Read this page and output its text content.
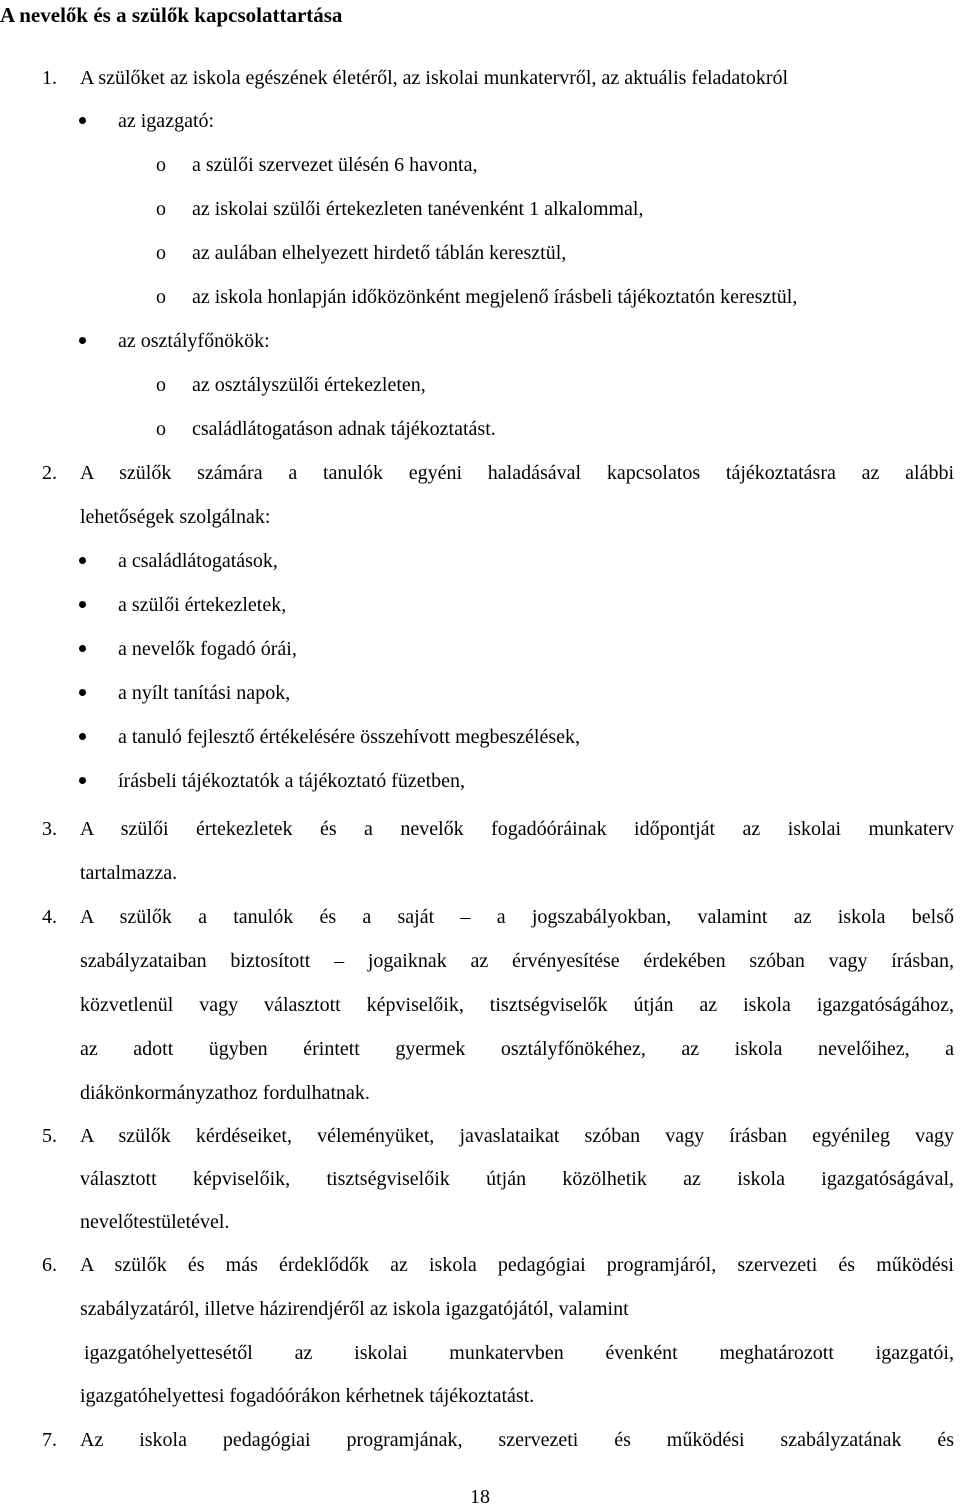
A nevelők és a szülők kapcsolattartása
1. A szülőket az iskola egészének életéről, az iskolai munkatervről, az aktuális feladatokról
az igazgató:
o a szülői szervezet ülésén 6 havonta,
o az iskolai szülői értekezleten tanévenként 1 alkalommal,
o az aulában elhelyezett hirdető táblán keresztül,
o az iskola honlapján időközönként megjelenő írásbeli tájékoztatón keresztül,
az osztályfőnökök:
o az osztályszülői értekezleten,
o családlátogatáson adnak tájékoztatást.
2. A szülők számára a tanulók egyéni haladásával kapcsolatos tájékoztatásra az alábbi
lehetőségek szolgálnak:
a családlátogatások,
a szülői értekezletek,
a nevelők fogadó órái,
a nyílt tanítási napok,
a tanuló fejlesztő értékelésére összehívott megbeszélések,
írásbeli tájékoztatók a tájékoztató füzetben,
3. A szülői értekezletek és a nevelők fogadóóráinak időpontját az iskolai munkaterv
tartalmazza.
4. A szülők a tanulók és a saját – a jogszabályokban, valamint az iskola belső
szabályzataiban biztosított – jogaiknak az érvényesítése érdekében szóban vagy írásban,
közvetlenül vagy választott képviselőik, tisztségviselők útján az iskola igazgatóságához,
az adott ügyben érintett gyermek osztályfőnökéhez, az iskola nevelőihez, a
diákönkormányzathoz fordulhatnak.
5. A szülők kérdéseiket, véleményüket, javaslataikat szóban vagy írásban egyénileg vagy
választott képviselőik, tisztségviselőik útján közölhetik az iskola igazgatóságával,
nevelőtestületével.
6. A szülők és más érdeklődők az iskola pedagógiai programjáról, szervezeti és működési
szabályzatáról, illetve házirendjéről az iskola igazgatójától, valamint
igazgatóhelyettesétől az iskolai munkatervben évenként meghatározott igazgatói,
igazgatóhelyettesi fogadóórákon kérhetnek tájékoztatást.
7. Az iskola pedagógiai programjának, szervezeti és működési szabályzatának és
18
